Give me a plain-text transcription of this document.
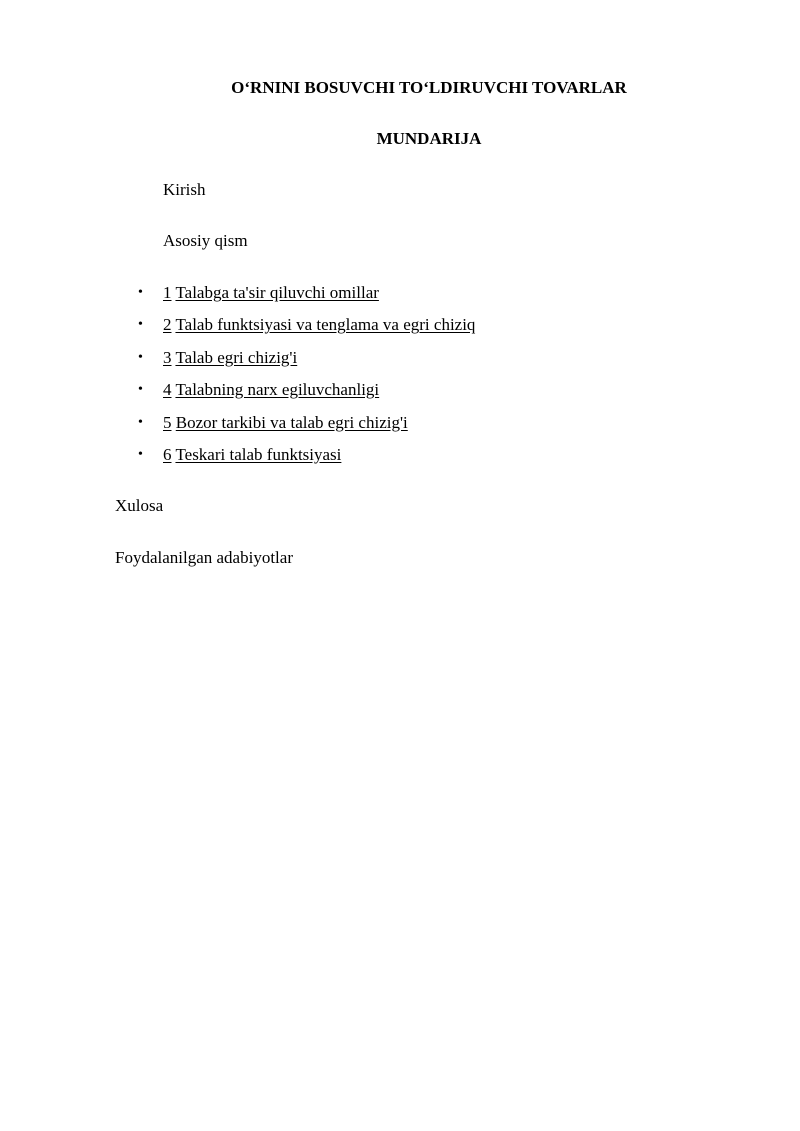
O‘RNINI BOSUVCHI TO‘LDIRUVCHI TOVARLAR
MUNDARIJA
Kirish
Asosiy qism
• 1 Talabga ta'sir qiluvchi omillar
• 2 Talab funktsiyasi va tenglama va egri chiziq
• 3 Talab egri chizig'i
• 4 Talabning narx egiluvchanligi
• 5 Bozor tarkibi va talab egri chizig'i
• 6 Teskari talab funktsiyasi
Xulosa
Foydalanilgan adabiyotlar
